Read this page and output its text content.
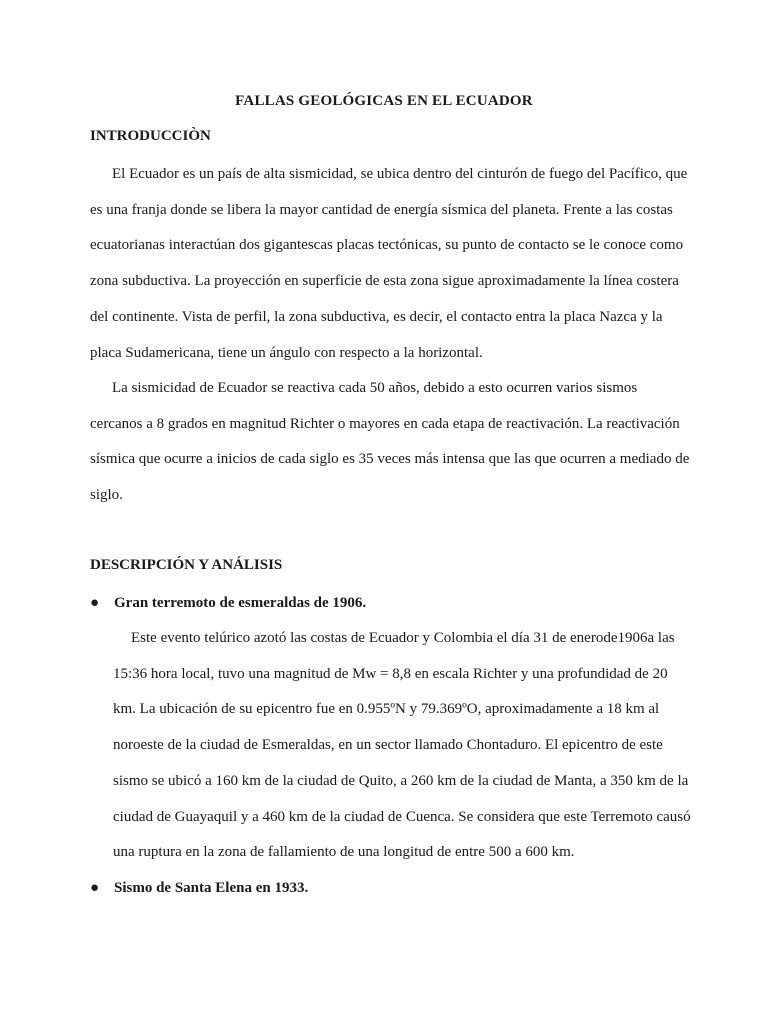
FALLAS GEOLÓGICAS EN EL ECUADOR
INTRODUCCIÒN

El Ecuador es un país de alta sismicidad, se ubica dentro del cinturón de fuego del Pacífico, que es una franja donde se libera la mayor cantidad de energía sísmica del planeta. Frente a las costas ecuatorianas interactúan dos gigantescas placas tectónicas, su punto de contacto se le conoce como zona subductiva. La proyección en superficie de esta zona sigue aproximadamente la línea costera del continente. Vista de perfil, la zona subductiva, es decir, el contacto entra la placa Nazca y la placa Sudamericana, tiene un ángulo con respecto a la horizontal.

La sismicidad de Ecuador se reactiva cada 50 años, debido a esto ocurren varios sismos cercanos a 8 grados en magnitud Richter o mayores en cada etapa de reactivación. La reactivación sísmica que ocurre a inicios de cada siglo es 35 veces más intensa que las que ocurren a mediado de siglo.

DESCRIPCIÓN Y ANÁLISIS
● Gran terremoto de esmeraldas de 1906.

Este evento telúrico azotó las costas de Ecuador y Colombia el día 31 de enerode1906a las 15:36 hora local, tuvo una magnitud de Mw = 8,8 en escala Richter y una profundidad de 20 km. La ubicación de su epicentro fue en 0.955ºN y 79.369ºO, aproximadamente a 18 km al noroeste de la ciudad de Esmeraldas, en un sector llamado Chontaduro. El epicentro de este sismo se ubicó a 160 km de la ciudad de Quito, a 260 km de la ciudad de Manta, a 350 km de la ciudad de Guayaquil y a 460 km de la ciudad de Cuenca. Se considera que este Terremoto causó una ruptura en la zona de fallamiento de una longitud de entre 500 a 600 km.

● Sismo de Santa Elena en 1933.
